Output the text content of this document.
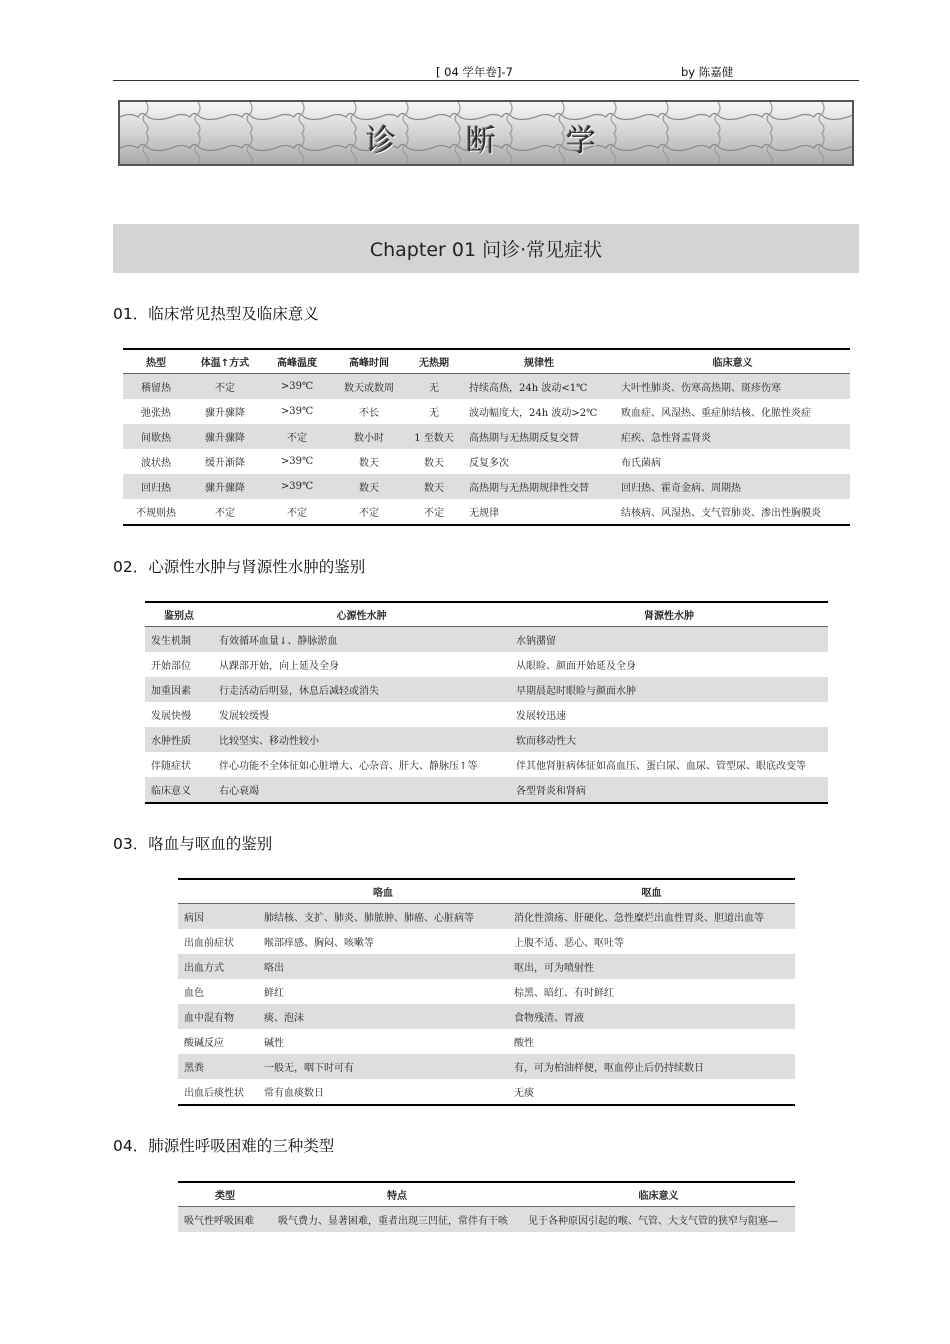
[ 04 学年卷]-7	by 陈嘉健
诊断学
Chapter 01 问诊·常见症状
01．临床常见热型及临床意义
热型	体温↑方式	高峰温度	高峰时间	无热期	规律性	临床意义
稽留热	不定	>39℃	数天或数周	无	持续高热，24h 波动<1℃	大叶性肺炎、伤寒高热期、斑疹伤寒
弛张热	骤升骤降	>39℃	不长	无	波动幅度大，24h 波动>2℃	败血症、风湿热、重症肺结核、化脓性炎症
间歇热	骤升骤降	不定	数小时	1 至数天	高热期与无热期反复交替	疟疾、急性肾盂肾炎
波状热	缓升渐降	>39℃	数天	数天	反复多次	布氏菌病
回归热	骤升骤降	>39℃	数天	数天	高热期与无热期规律性交替	回归热、霍奇金病、周期热
不规则热	不定	不定	不定	不定	无规律	结核病、风湿热、支气管肺炎、渗出性胸膜炎
02．心源性水肿与肾源性水肿的鉴别
鉴别点	心源性水肿	肾源性水肿
发生机制	有效循环血量↓、静脉淤血	水钠潴留
开始部位	从踝部开始，向上延及全身	从眼睑、颜面开始延及全身
加重因素	行走活动后明显，休息后减轻或消失	早期晨起时眼睑与颜面水肿
发展快慢	发展较缓慢	发展较迅速
水肿性质	比较坚实、移动性较小	软而移动性大
伴随症状	伴心功能不全体征如心脏增大、心杂音、肝大、静脉压↑等	伴其他肾脏病体征如高血压、蛋白尿、血尿、管型尿、眼底改变等
临床意义	右心衰竭	各型肾炎和肾病
03．咯血与呕血的鉴别
	咯血	呕血
病因	肺结核、支扩、肺炎、肺脓肿、肺癌、心脏病等	消化性溃疡、肝硬化、急性糜烂出血性胃炎、胆道出血等
出血前症状	喉部痒感、胸闷、咳嗽等	上腹不适、恶心、呕吐等
出血方式	咯出	呕出，可为喷射性
血色	鲜红	棕黑、暗红、有时鲜红
血中混有物	痰、泡沫	食物残渣、胃液
酸碱反应	碱性	酸性
黑粪	一般无，咽下时可有	有，可为柏油样便，呕血停止后仍持续数日
出血后痰性状	常有血痰数日	无痰
04．肺源性呼吸困难的三种类型
类型	特点	临床意义
吸气性呼吸困难	吸气费力、显著困难，重者出现三凹征，常伴有干咳	见于各种原因引起的喉、气管、大支气管的狭窄与阻塞—
